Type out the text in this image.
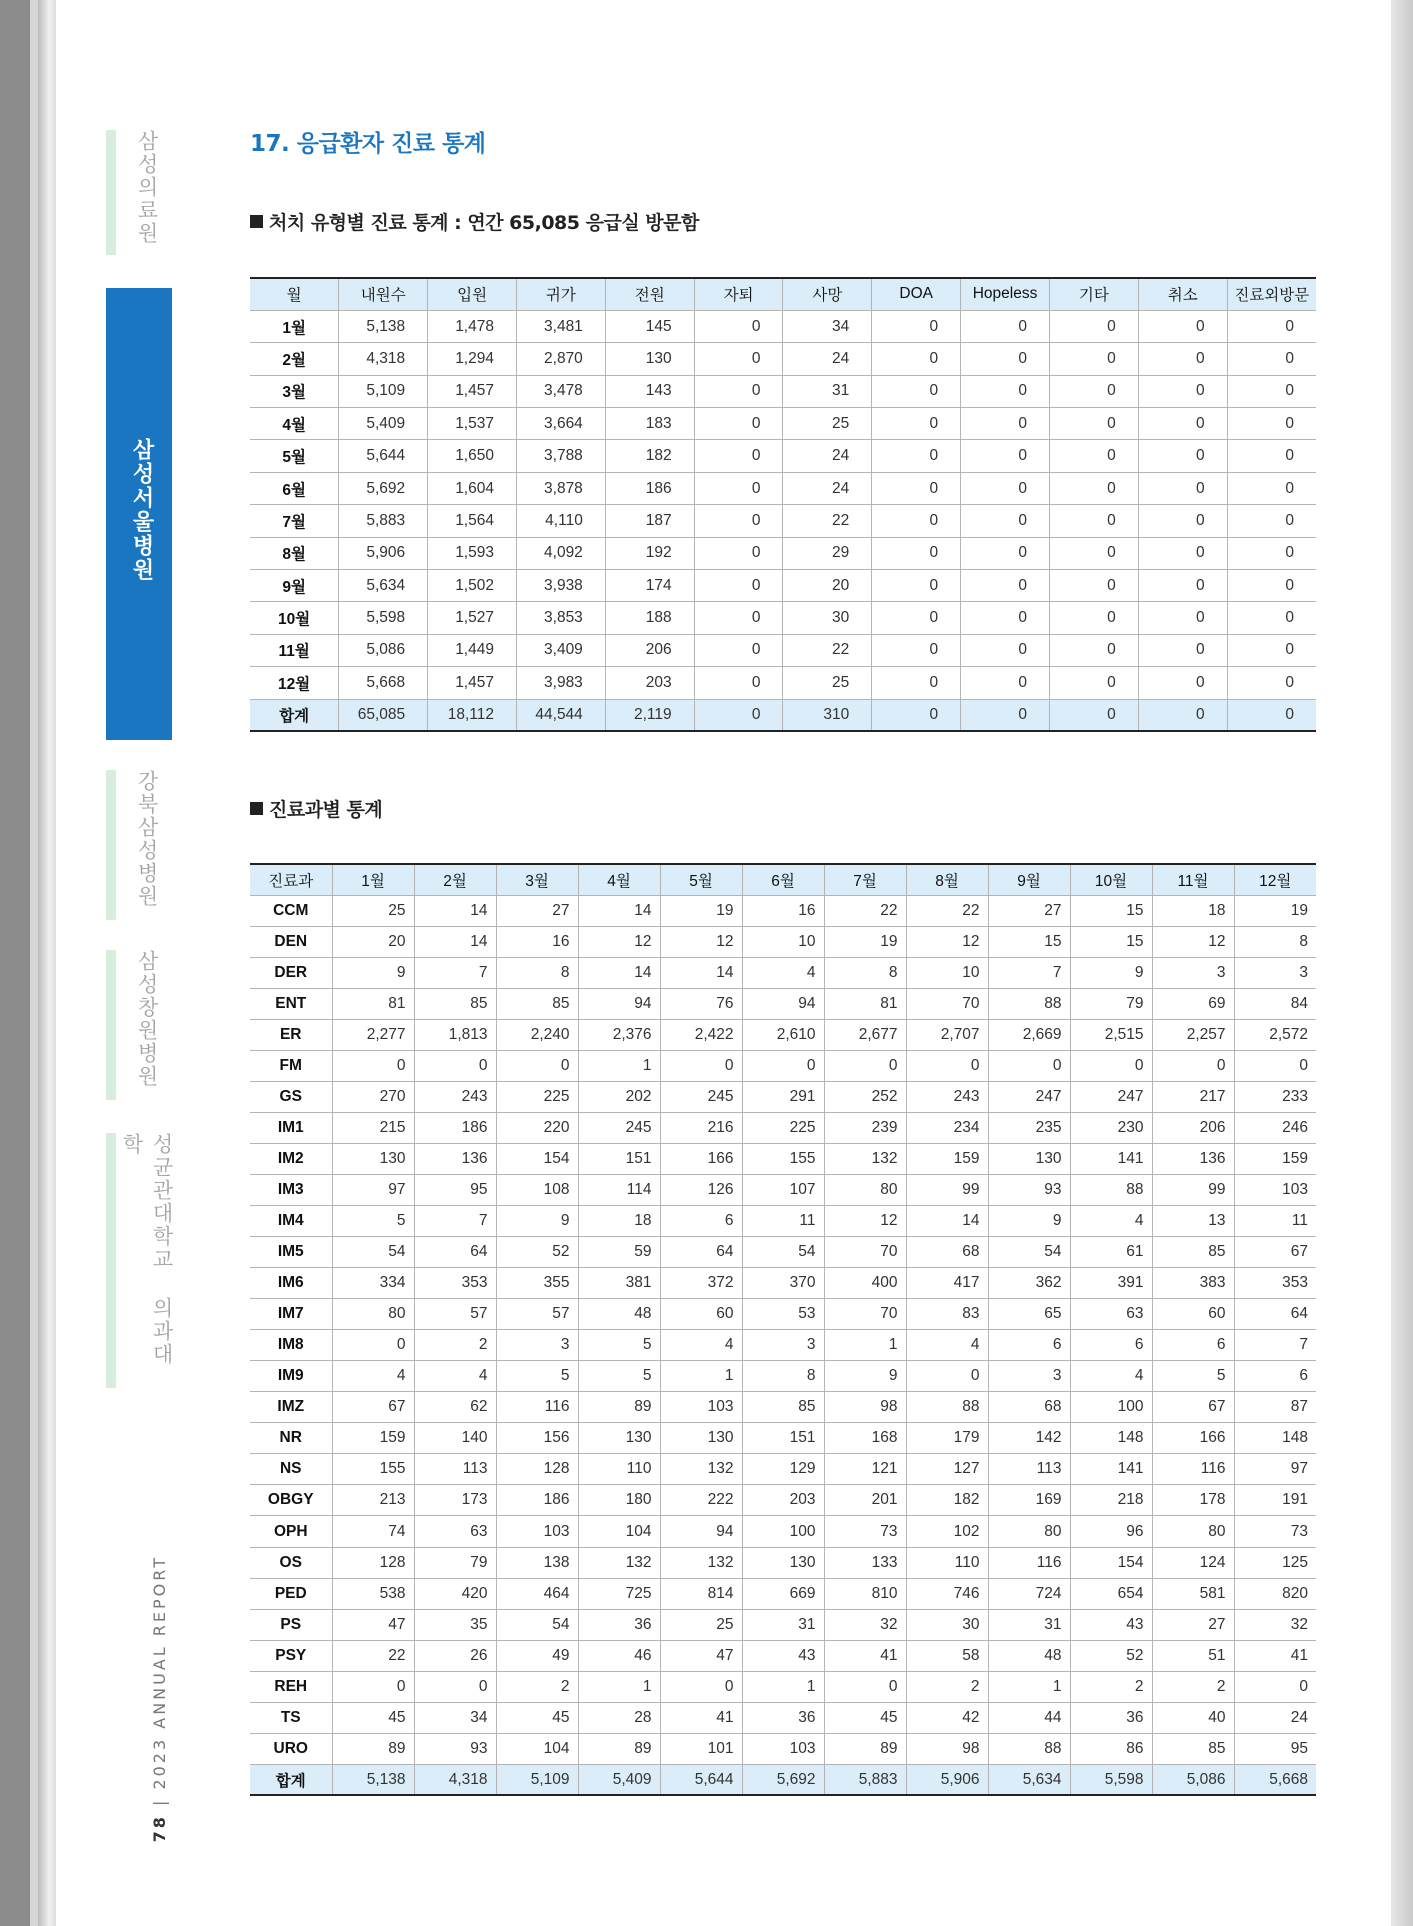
삼성의료원
삼성서울병원
강북삼성병원
삼성창원병원
성균관대학교 의과대학
78 | 2023 ANNUAL REPORT
17. 응급환자 진료 통계
처치 유형별 진료 통계 : 연간 65,085 응급실 방문함
월	내원수	입원	귀가	전원	자퇴	사망	DOA	Hopeless	기타	취소	진료외방문
1월	5,138	1,478	3,481	145	0	34	0	0	0	0	0
2월	4,318	1,294	2,870	130	0	24	0	0	0	0	0
3월	5,109	1,457	3,478	143	0	31	0	0	0	0	0
4월	5,409	1,537	3,664	183	0	25	0	0	0	0	0
5월	5,644	1,650	3,788	182	0	24	0	0	0	0	0
6월	5,692	1,604	3,878	186	0	24	0	0	0	0	0
7월	5,883	1,564	4,110	187	0	22	0	0	0	0	0
8월	5,906	1,593	4,092	192	0	29	0	0	0	0	0
9월	5,634	1,502	3,938	174	0	20	0	0	0	0	0
10월	5,598	1,527	3,853	188	0	30	0	0	0	0	0
11월	5,086	1,449	3,409	206	0	22	0	0	0	0	0
12월	5,668	1,457	3,983	203	0	25	0	0	0	0	0
합계	65,085	18,112	44,544	2,119	0	310	0	0	0	0	0
진료과별 통계
진료과	1월	2월	3월	4월	5월	6월	7월	8월	9월	10월	11월	12월
CCM	25	14	27	14	19	16	22	22	27	15	18	19
DEN	20	14	16	12	12	10	19	12	15	15	12	8
DER	9	7	8	14	14	4	8	10	7	9	3	3
ENT	81	85	85	94	76	94	81	70	88	79	69	84
ER	2,277	1,813	2,240	2,376	2,422	2,610	2,677	2,707	2,669	2,515	2,257	2,572
FM	0	0	0	1	0	0	0	0	0	0	0	0
GS	270	243	225	202	245	291	252	243	247	247	217	233
IM1	215	186	220	245	216	225	239	234	235	230	206	246
IM2	130	136	154	151	166	155	132	159	130	141	136	159
IM3	97	95	108	114	126	107	80	99	93	88	99	103
IM4	5	7	9	18	6	11	12	14	9	4	13	11
IM5	54	64	52	59	64	54	70	68	54	61	85	67
IM6	334	353	355	381	372	370	400	417	362	391	383	353
IM7	80	57	57	48	60	53	70	83	65	63	60	64
IM8	0	2	3	5	4	3	1	4	6	6	6	7
IM9	4	4	5	5	1	8	9	0	3	4	5	6
IMZ	67	62	116	89	103	85	98	88	68	100	67	87
NR	159	140	156	130	130	151	168	179	142	148	166	148
NS	155	113	128	110	132	129	121	127	113	141	116	97
OBGY	213	173	186	180	222	203	201	182	169	218	178	191
OPH	74	63	103	104	94	100	73	102	80	96	80	73
OS	128	79	138	132	132	130	133	110	116	154	124	125
PED	538	420	464	725	814	669	810	746	724	654	581	820
PS	47	35	54	36	25	31	32	30	31	43	27	32
PSY	22	26	49	46	47	43	41	58	48	52	51	41
REH	0	0	2	1	0	1	0	2	1	2	2	0
TS	45	34	45	28	41	36	45	42	44	36	40	24
URO	89	93	104	89	101	103	89	98	88	86	85	95
합계	5,138	4,318	5,109	5,409	5,644	5,692	5,883	5,906	5,634	5,598	5,086	5,668
